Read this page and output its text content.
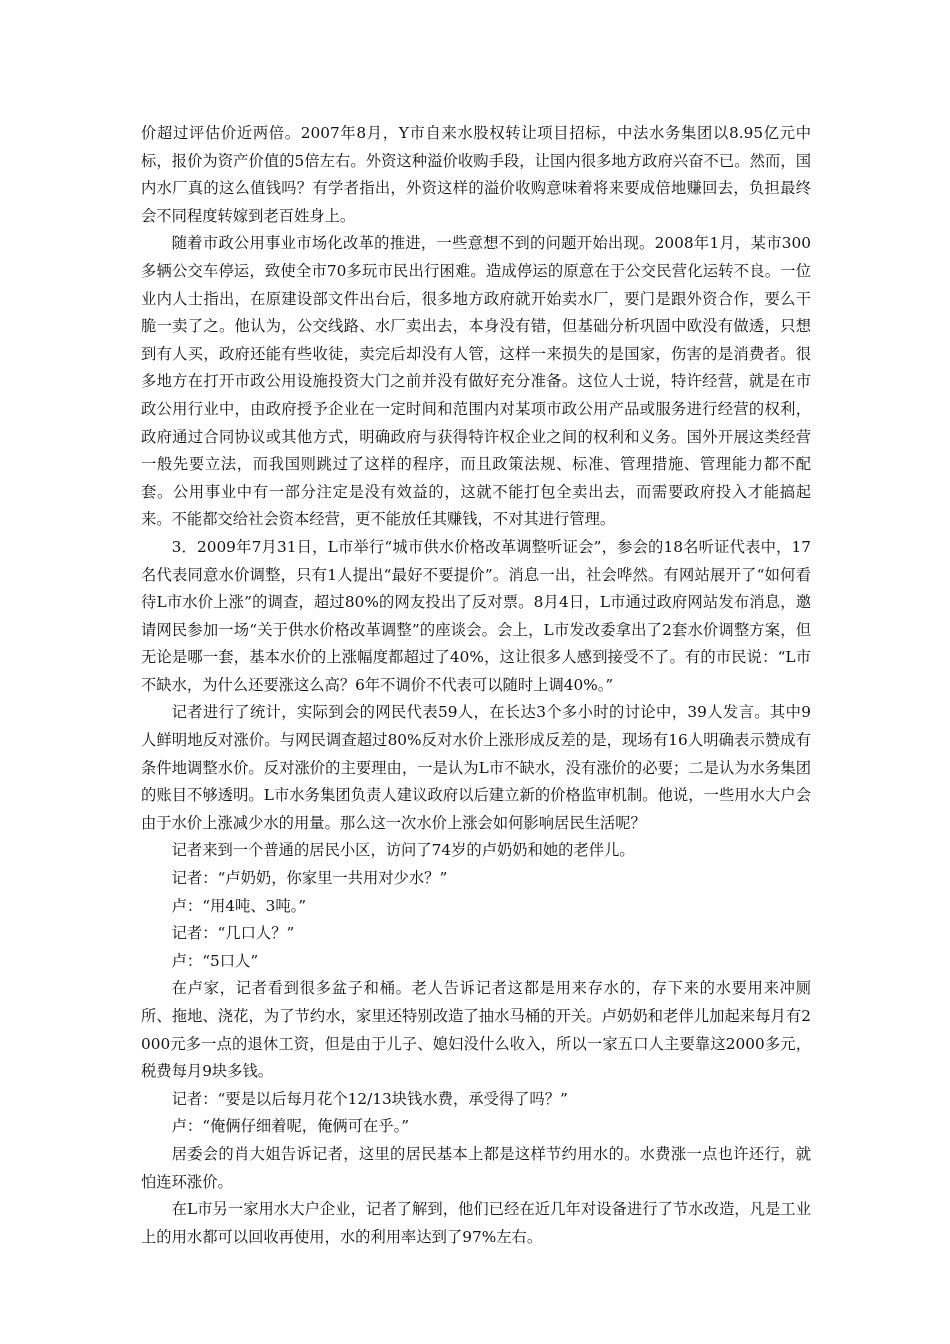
价超过评估价近两倍。2007年8月，Y市自来水股权转让项目招标，中法水务集团以8.95亿元中标，报价为资产价值的5倍左右。外资这种溢价收购手段，让国内很多地方政府兴奋不已。然而，国内水厂真的这么值钱吗？有学者指出，外资这样的溢价收购意味着将来要成倍地赚回去，负担最终会不同程度转嫁到老百姓身上。

随着市政公用事业市场化改革的推进，一些意想不到的问题开始出现。2008年1月，某市300多辆公交车停运，致使全市70多玩市民出行困难。造成停运的原意在于公交民营化运转不良。一位业内人士指出，在原建设部文件出台后，很多地方政府就开始卖水厂，要门是跟外资合作，要么干脆一卖了之。他认为，公交线路、水厂卖出去，本身没有错，但基础分析巩固中欧没有做透，只想到有人买，政府还能有些收徒，卖完后却没有人管，这样一来损失的是国家，伤害的是消费者。很多地方在打开市政公用设施投资大门之前并没有做好充分准备。这位人士说，特许经营，就是在市政公用行业中，由政府授予企业在一定时间和范围内对某项市政公用产品或服务进行经营的权利，政府通过合同协议或其他方式，明确政府与获得特许权企业之间的权利和义务。国外开展这类经营一般先要立法，而我国则跳过了这样的程序，而且政策法规、标准、管理措施、管理能力都不配套。公用事业中有一部分注定是没有效益的，这就不能打包全卖出去，而需要政府投入才能搞起来。不能都交给社会资本经营，更不能放任其赚钱，不对其进行管理。

3．2009年7月31日，L市举行“城市供水价格改革调整听证会”，参会的18名听证代表中，17名代表同意水价调整，只有1人提出“最好不要提价”。消息一出，社会哗然。有网站展开了“如何看待L市水价上涨”的调查，超过80%的网友投出了反对票。8月4日，L市通过政府网站发布消息，邀请网民参加一场“关于供水价格改革调整”的座谈会。会上，L市发改委拿出了2套水价调整方案，但无论是哪一套，基本水价的上涨幅度都超过了40%，这让很多人感到接受不了。有的市民说：“L市不缺水，为什么还要涨这么高？6年不调价不代表可以随时上调40%。”

记者进行了统计，实际到会的网民代表59人，在长达3个多小时的讨论中，39人发言。其中9人鲜明地反对涨价。与网民调查超过80%反对水价上涨形成反差的是，现场有16人明确表示赞成有条件地调整水价。反对涨价的主要理由，一是认为L市不缺水，没有涨价的必要；二是认为水务集团的账目不够透明。L市水务集团负责人建议政府以后建立新的价格监审机制。他说，一些用水大户会由于水价上涨减少水的用量。那么这一次水价上涨会如何影响居民生活呢？

记者来到一个普通的居民小区，访问了74岁的卢奶奶和她的老伴儿。

记者：“卢奶奶，你家里一共用对少水？”

卢：“用4吨、3吨。”

记者：“几口人？”

卢：“5口人”

在卢家，记者看到很多盆子和桶。老人告诉记者这都是用来存水的，存下来的水要用来冲厕所、拖地、浇花，为了节约水，家里还特别改造了抽水马桶的开关。卢奶奶和老伴儿加起来每月有2000元多一点的退休工资，但是由于儿子、媳妇没什么收入，所以一家五口人主要靠这2000多元，税费每月9块多钱。

记者：“要是以后每月花个12/13块钱水费，承受得了吗？”

卢：“俺俩仔细着呢，俺俩可在乎。”

居委会的肖大姐告诉记者，这里的居民基本上都是这样节约用水的。水费涨一点也许还行，就怕连环涨价。

在L市另一家用水大户企业，记者了解到，他们已经在近几年对设备进行了节水改造，凡是工业上的用水都可以回收再使用，水的利用率达到了97%左右。
